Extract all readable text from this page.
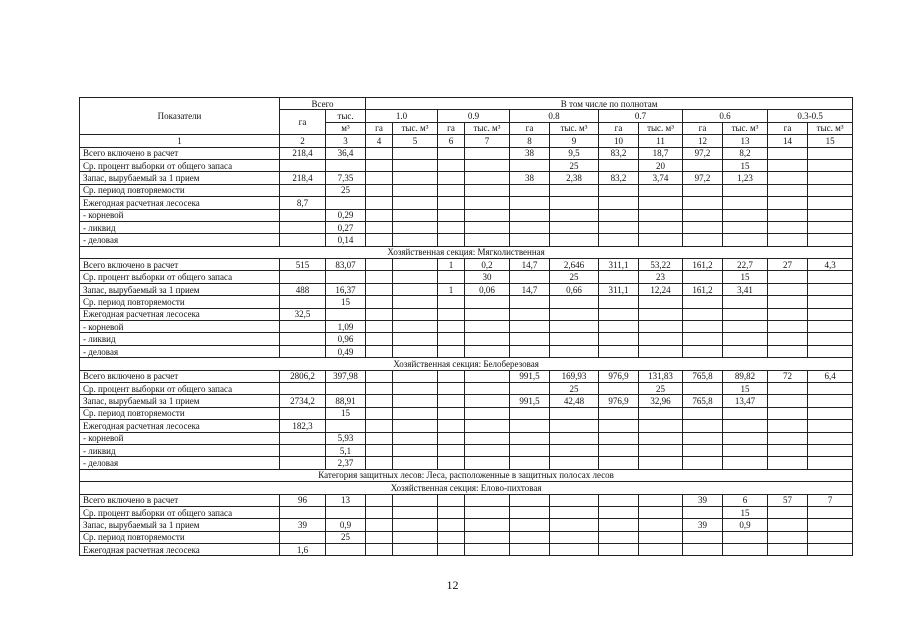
Показатели	Всего		В том числе по полнотам											
	га	тыс.	1.0		0.9		0.8		0.7		0.6		0.3-0.5	
		м³	га	тыс. м³	га	тыс. м³	га	тыс. м³	га	тыс. м³	га	тыс. м³	га	тыс. м³
1	2	3	4	5	6	7	8	9	10	11	12	13	14	15
Всего включено в расчет	218,4	36,4					38	9,5	83,2	18,7	97,2	8,2		
Ср. процент выборки от общего запаса								25		20		15		
Запас, вырубаемый за 1 прием	218,4	7,35					38	2,38	83,2	3,74	97,2	1,23		
Ср. период повторяемости		25												
Ежегодная расчетная лесосека	8,7													
- корневой		0,29												
- ликвид		0,27												
- деловая		0,14												
Хозяйственная секция: Мягколиственная														
Всего включено в расчет	515	83,07			1	0,2	14,7	2,646	311,1	53,22	161,2	22,7	27	4,3
Ср. процент выборки от общего запаса						30		25		23		15		
Запас, вырубаемый за 1 прием	488	16,37			1	0,06	14,7	0,66	311,1	12,24	161,2	3,41		
Ср. период повторяемости		15												
Ежегодная расчетная лесосека	32,5													
- корневой		1,09												
- ликвид		0,96												
- деловая		0,49												
Хозяйственная секция: Белоберезовая														
Всего включено в расчет	2806,2	397,98					991,5	169,93	976,9	131,83	765,8	89,82	72	6,4
Ср. процент выборки от общего запаса								25		25		15		
Запас, вырубаемый за 1 прием	2734,2	88,91					991,5	42,48	976,9	32,96	765,8	13,47		
Ср. период повторяемости		15												
Ежегодная расчетная лесосека	182,3													
- корневой		5,93												
- ликвид		5,1												
- деловая		2,37												
Категория защитных лесов: Леса, расположенные в защитных полосах лесов														
Хозяйственная секция: Елово-пихтовая														
Всего включено в расчет	96	13									39	6	57	7
Ср. процент выборки от общего запаса												15		
Запас, вырубаемый за 1 прием	39	0,9									39	0,9		
Ср. период повторяемости		25												
Ежегодная расчетная лесосека	1,6													
12
